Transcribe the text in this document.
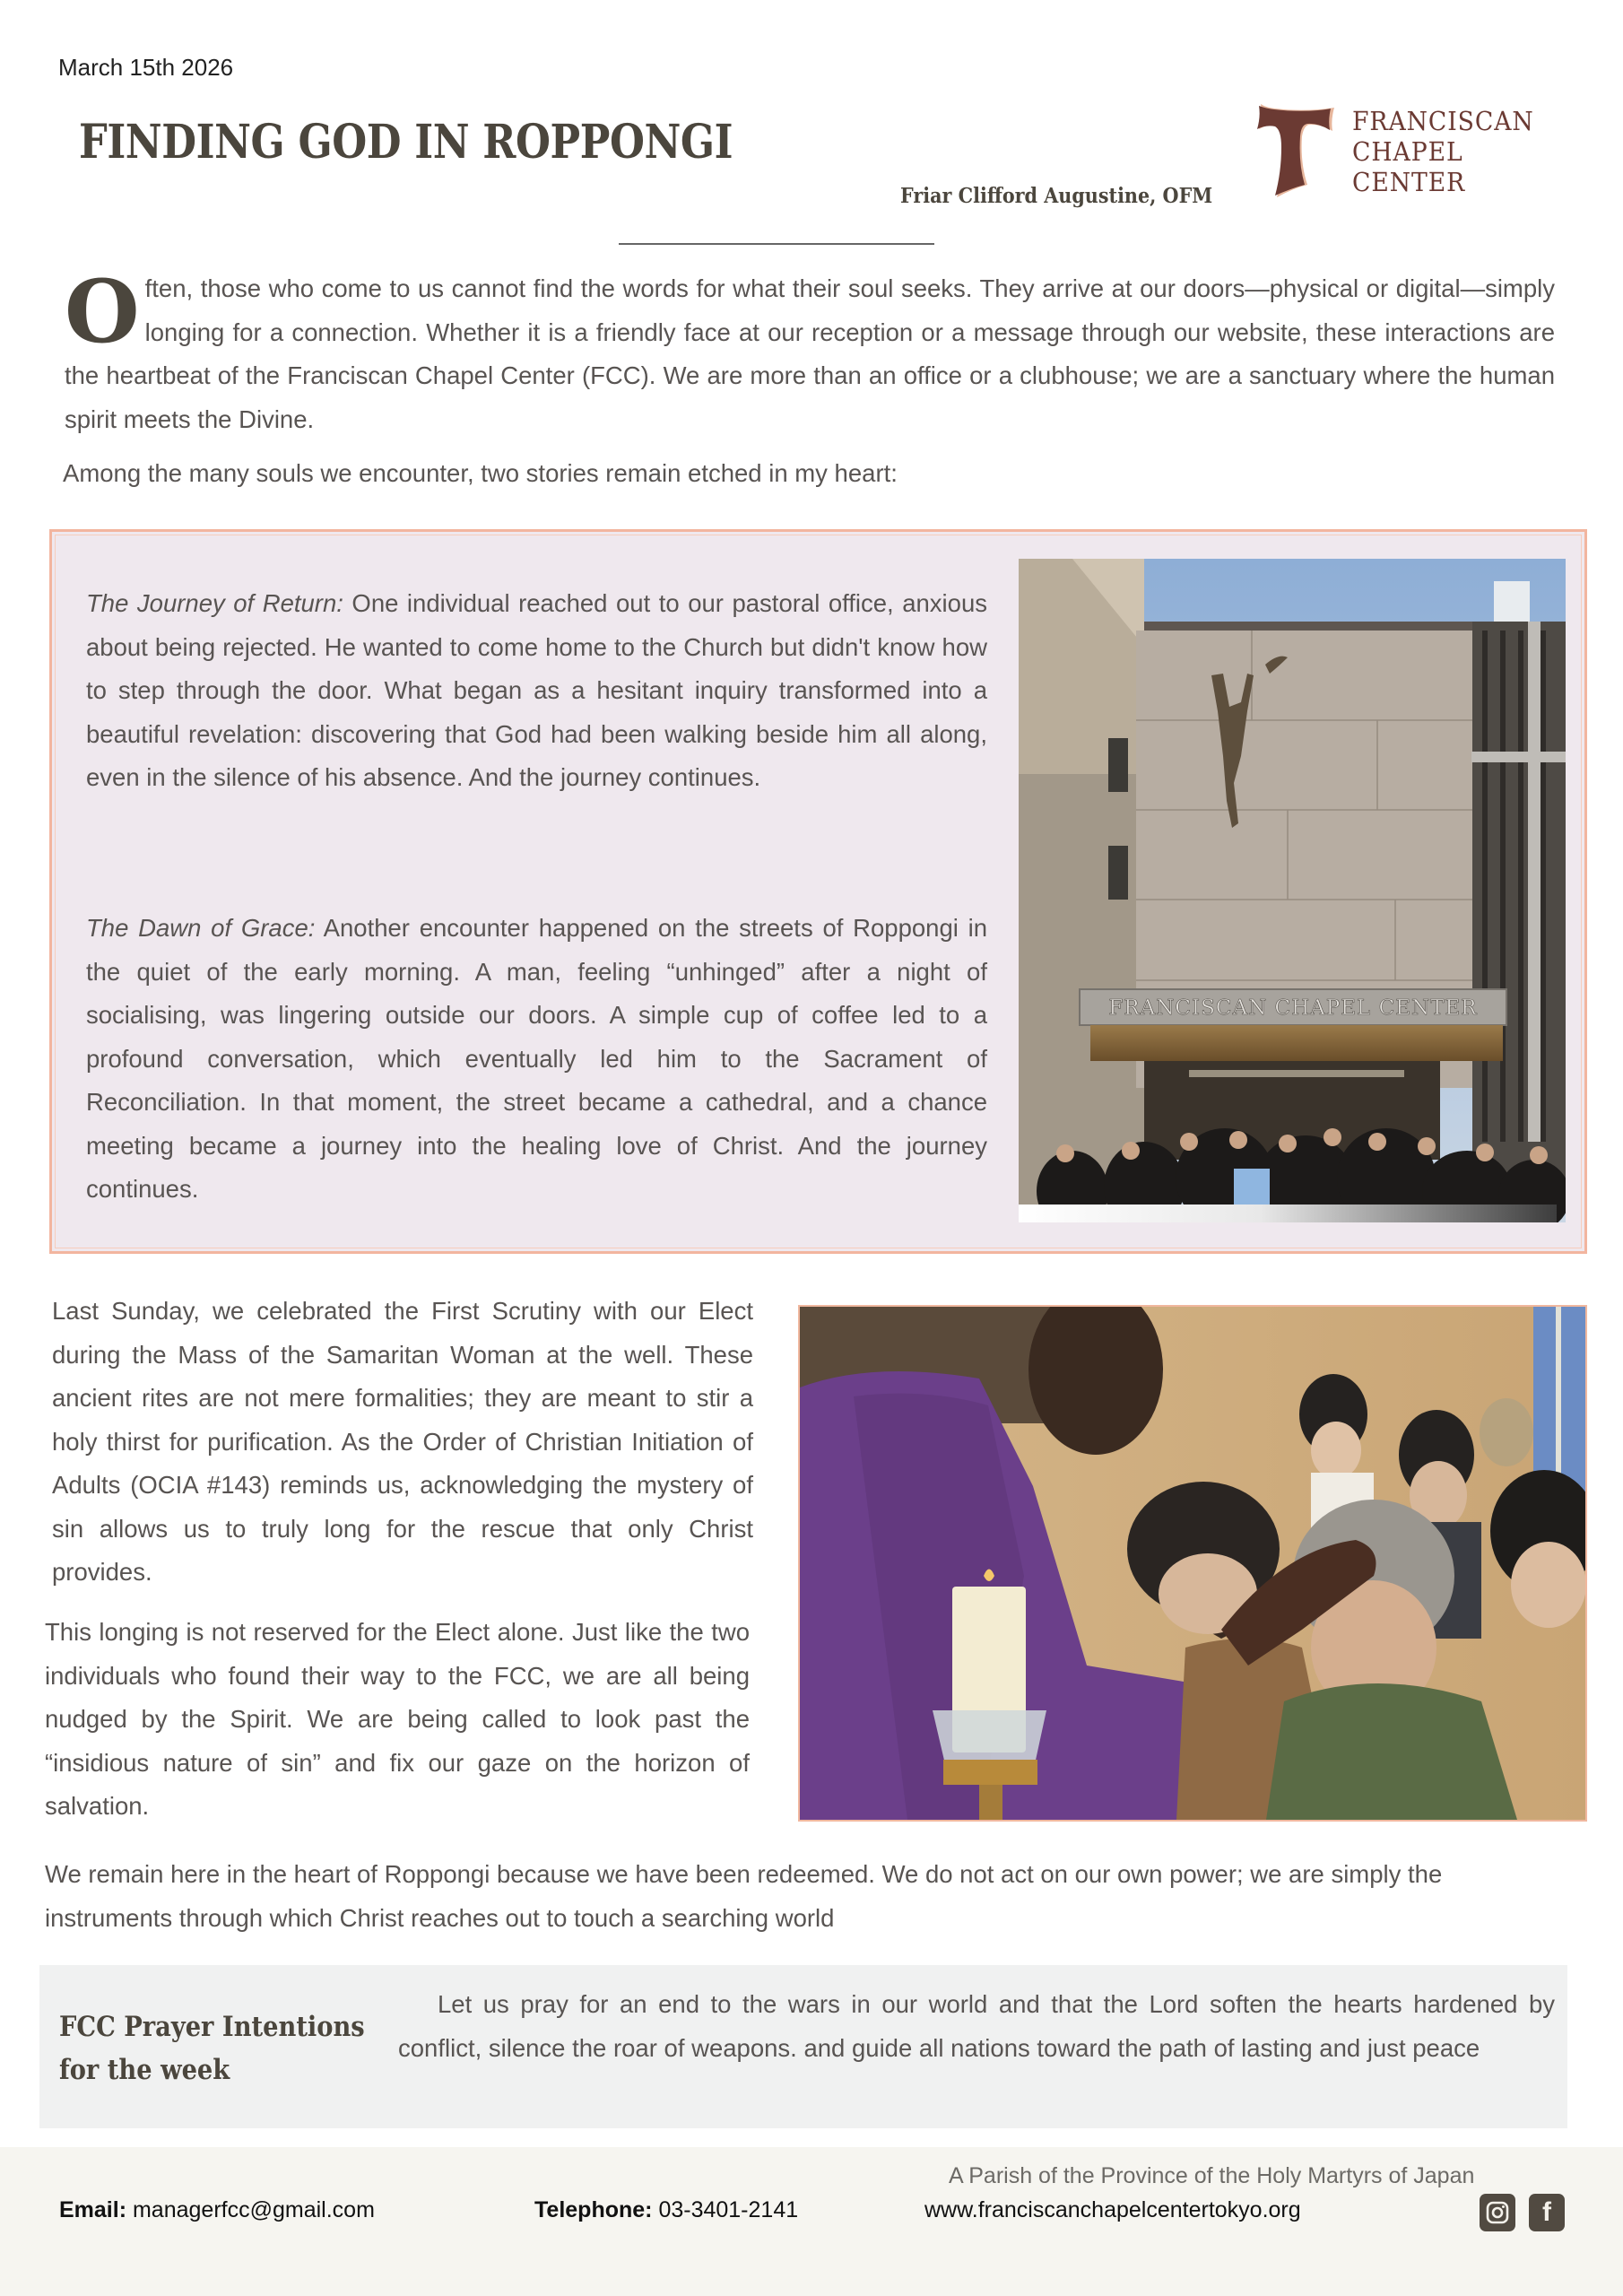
March 15th 2026
FINDING GOD IN ROPPONGI
Friar Clifford Augustine, OFM
FRANCISCAN
CHAPEL
CENTER
Often, those who come to us cannot find the words for what their soul seeks. They arrive at our doors—physical or digital—simply longing for a connection. Whether it is a friendly face at our reception or a message through our website, these interactions are the heartbeat of the Franciscan Chapel Center (FCC). We are more than an office or a clubhouse; we are a sanctuary where the human spirit meets the Divine.
Among the many souls we encounter, two stories remain etched in my heart:

The Journey of Return: One individual reached out to our pastoral office, anxious about being rejected. He wanted to come home to the Church but didn't know how to step through the door. What began as a hesitant inquiry transformed into a beautiful revelation: discovering that God had been walking beside him all along, even in the silence of his absence. And the journey continues.

The Dawn of Grace: Another encounter happened on the streets of Roppongi in the quiet of the early morning. A man, feeling “unhinged” after a night of socialising, was lingering outside our doors. A simple cup of coffee led to a profound conversation, which eventually led him to the Sacrament of Reconciliation. In that moment, the street became a cathedral, and a chance meeting became a journey into the healing love of Christ. And the journey continues.

FRANCISCAN CHAPEL CENTER

Last Sunday, we celebrated the First Scrutiny with our Elect during the Mass of the Samaritan Woman at the well. These ancient rites are not mere formalities; they are meant to stir a holy thirst for purification. As the Order of Christian Initiation of Adults (OCIA #143) reminds us, acknowledging the mystery of sin allows us to truly long for the rescue that only Christ provides.

This longing is not reserved for the Elect alone. Just like the two individuals who found their way to the FCC, we are all being nudged by the Spirit. We are being called to look past the “insidious nature of sin” and fix our gaze on the horizon of salvation.

We remain here in the heart of Roppongi because we have been redeemed. We do not act on our own power; we are simply the instruments through which Christ reaches out to touch a searching world

FCC Prayer Intentions
for the week

Let us pray for an end to the wars in our world and that the Lord soften the hearts hardened by conflict, silence the roar of weapons. and guide all nations toward the path of lasting and just peace

A Parish of the Province of the Holy Martyrs of Japan
Email: managerfcc@gmail.com	Telephone: 03-3401-2141	www.franciscanchapelcentertokyo.org	f
